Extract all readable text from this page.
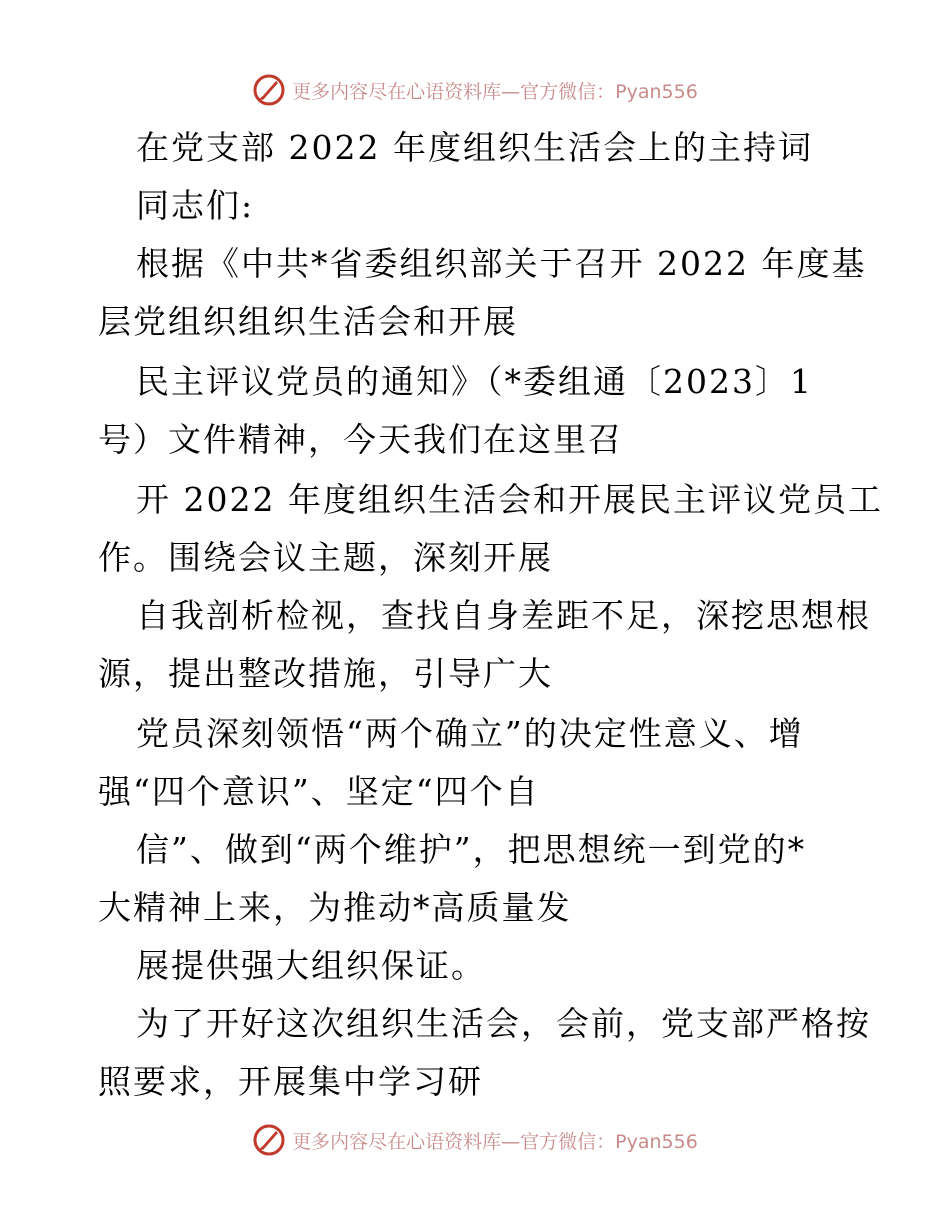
更多内容尽在心语资料库—官方微信：Pyan556
在党支部 2022 年度组织生活会上的主持词
同志们:
根据《中共*省委组织部关于召开 2022 年度基
层党组织组织生活会和开展
民主评议党员的通知》（*委组通〔2023〕1
号）文件精神，今天我们在这里召
开 2022 年度组织生活会和开展民主评议党员工
作。围绕会议主题，深刻开展
自我剖析检视，查找自身差距不足，深挖思想根
源，提出整改措施，引导广大
党员深刻领悟“两个确立”的决定性意义、增
强“四个意识”、坚定“四个自
信”、做到“两个维护”，把思想统一到党的*
大精神上来，为推动*高质量发
展提供强大组织保证。
为了开好这次组织生活会，会前，党支部严格按
照要求，开展集中学习研
更多内容尽在心语资料库—官方微信：Pyan556
